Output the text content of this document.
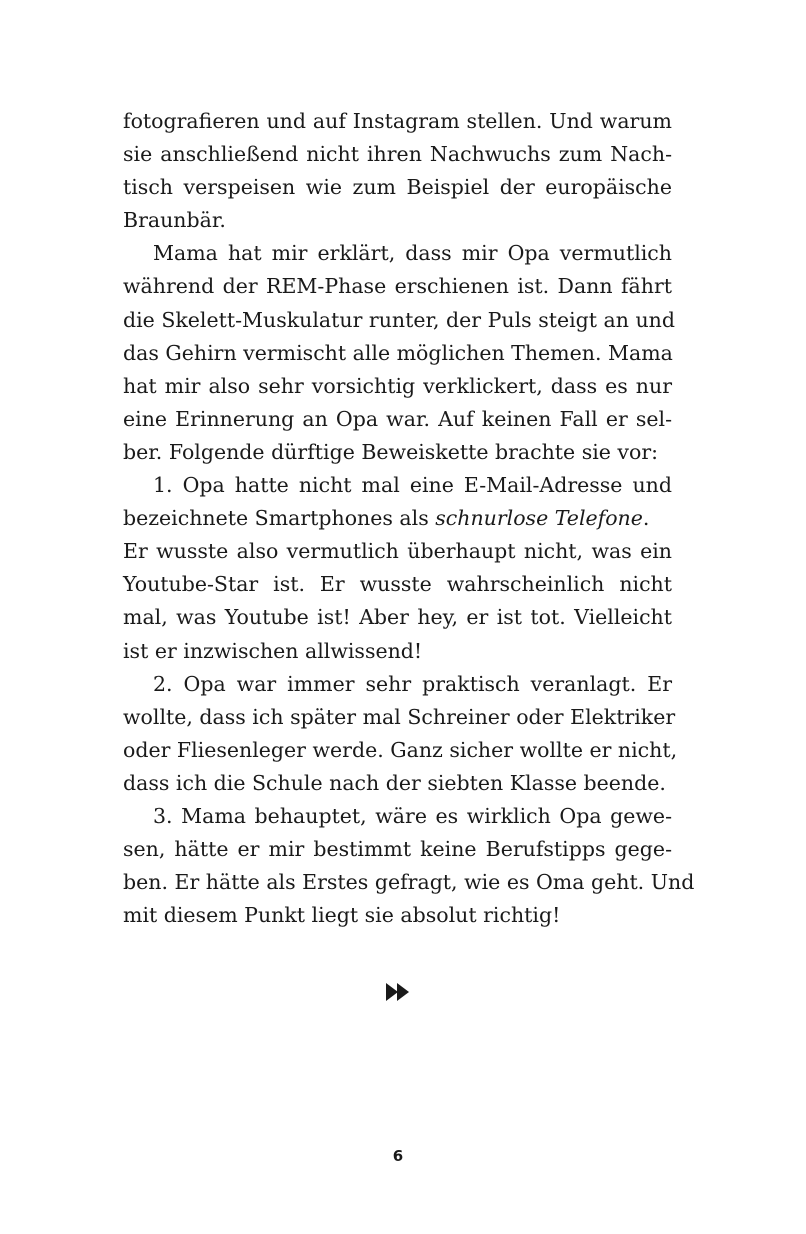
fotografieren und auf Instagram stellen. Und warum
sie anschließend nicht ihren Nachwuchs zum Nach-
tisch verspeisen wie zum Beispiel der europäische
Braunbär.
Mama hat mir erklärt, dass mir Opa vermutlich
während der REM-Phase erschienen ist. Dann fährt
die Skelett-Muskulatur runter, der Puls steigt an und
das Gehirn vermischt alle möglichen Themen. Mama
hat mir also sehr vorsichtig verklickert, dass es nur
eine Erinnerung an Opa war. Auf keinen Fall er sel-
ber. Folgende dürftige Beweiskette brachte sie vor:
1. Opa hatte nicht mal eine E-Mail-Adresse und
bezeichnete Smartphones als schnurlose Telefone.
Er wusste also vermutlich überhaupt nicht, was ein
Youtube-Star ist. Er wusste wahrscheinlich nicht
mal, was Youtube ist! Aber hey, er ist tot. Vielleicht
ist er inzwischen allwissend!
2. Opa war immer sehr praktisch veranlagt. Er
wollte, dass ich später mal Schreiner oder Elektriker
oder Fliesenleger werde. Ganz sicher wollte er nicht,
dass ich die Schule nach der siebten Klasse beende.
3. Mama behauptet, wäre es wirklich Opa gewe-
sen, hätte er mir bestimmt keine Berufstipps gege-
ben. Er hätte als Erstes gefragt, wie es Oma geht. Und
mit diesem Punkt liegt sie absolut richtig!
6
